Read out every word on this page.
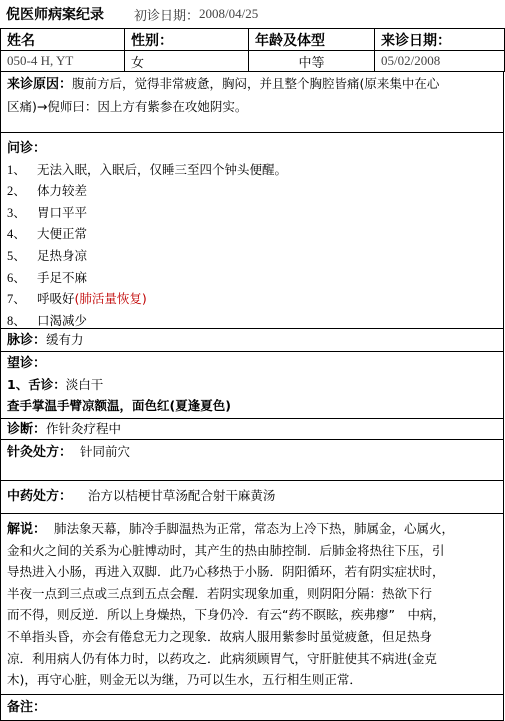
倪医师病案纪录 初诊日期： 2008/04/25
姓名	性别：	年龄及体型	来诊日期：
050-4 H, YT	女	中等	05/02/2008
来诊原因：腹前方后，觉得非常疲惫，胸闷，并且整个胸腔皆痛(原来集中在心
区痛)→倪师曰：因上方有紫参在攻她阴实。
问诊：
1、 无法入眠，入眠后，仅睡三至四个钟头便醒。
2、 体力较差
3、 胃口平平
4、 大便正常
5、 足热身凉
6、 手足不麻
7、 呼吸好(肺活量恢复)
8、 口渴减少
脉诊：缓有力
望诊：
1、舌诊：淡白干
查手掌温手臂凉额温，面色红(夏逢夏色)
诊断：作针灸疗程中
针灸处方： 针同前穴
中药处方： 治方以桔梗甘草汤配合射干麻黄汤
解说： 肺法象天幕，肺冷手脚温热为正常，常态为上冷下热，肺属金，心属火，
金和火之间的关系为心脏博动时，其产生的热由肺控制．后肺金将热往下压，引
导热进入小肠，再进入双脚．此乃心移热于小肠．阴阳循环，若有阴实症状时，
半夜一点到三点或三点到五点会醒．若阴实现象加重，则阴阳分隔：热欲下行
而不得，则反逆．所以上身燥热，下身仍冷．有云“药不瞑眩，疾弗瘳”　中病，
不单指头昏，亦会有倦怠无力之现象．故病人服用紫参时虽觉疲惫，但足热身
凉．利用病人仍有体力时，以药攻之．此病须顾胃气，守肝脏使其不病进(金克
木)，再守心脏，则金无以为继，乃可以生水，五行相生则正常．
备注：
